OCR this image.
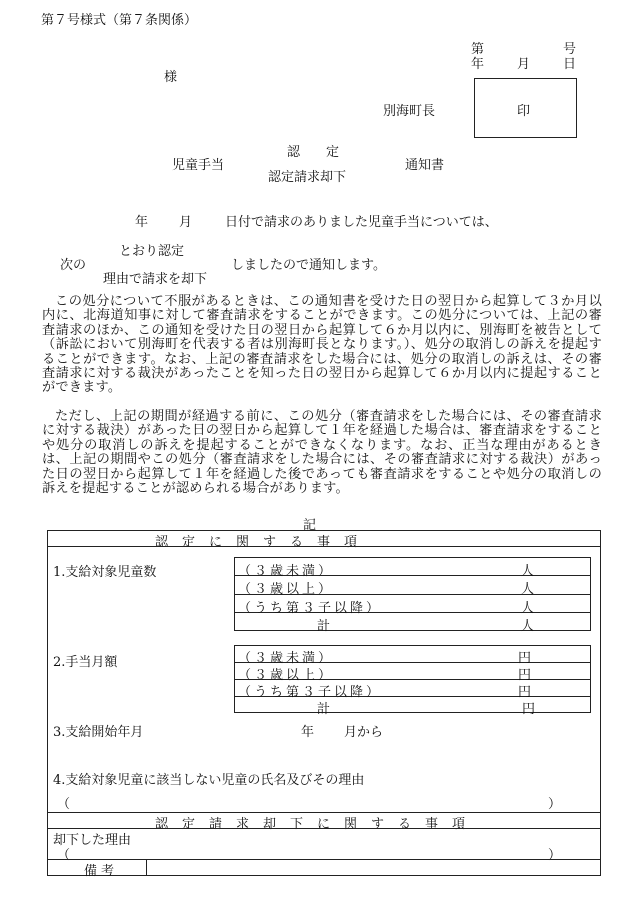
第７号様式（第７条関係）
第	号
年	月	日
様
別海町長	印
認　　定
児童手当	通知書
認定請求却下
年 月	日付で請求のありました児童手当については、
とおり認定
次の	しましたので通知します。
理由で請求を却下
この処分について不服があるときは、この通知書を受けた日の翌日から起算して３か月以内に、北海道知事に対して審査請求をすることができます。この処分については、上記の審査請求のほか、この通知を受けた日の翌日から起算して６か月以内に、別海町を被告として（訴訟において別海町を代表する者は別海町長となります。）、処分の取消しの訴えを提起することができます。なお、上記の審査請求をした場合には、処分の取消しの訴えは、その審査請求に対する裁決があったことを知った日の翌日から起算して６か月以内に提起することができます。
ただし、上記の期間が経過する前に、この処分（審査請求をした場合には、その審査請求に対する裁決）があった日の翌日から起算して１年を経過した場合は、審査請求をすることや処分の取消しの訴えを提起することができなくなります。なお、正当な理由があるときは、上記の期間やこの処分（審査請求をした場合には、その審査請求に対する裁決）があった日の翌日から起算して１年を経過した後であっても審査請求をすることや処分の取消しの訴えを提起することが認められる場合があります。
記
認定に関する事項
1.支給対象児童数	（３歳未満）	人
（３歳以上）	人
（うち第３子以降）	人
計	人
2.手当月額	（３歳未満）	円
（３歳以上）	円
（うち第３子以降）	円
計	円
3.支給開始年月	年 月から
4.支給対象児童に該当しない児童の氏名及びその理由
（	）
認定請求却下に関する事項
却下した理由
（	）
備考
